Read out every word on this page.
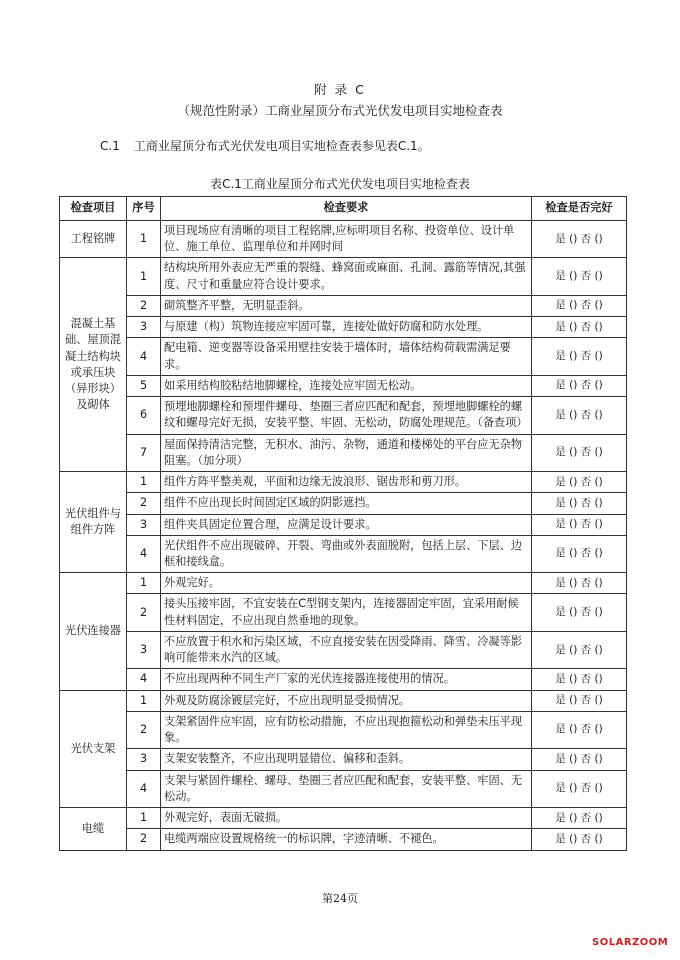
附 录 C
（规范性附录）工商业屋顶分布式光伏发电项目实地检查表
C.1 工商业屋顶分布式光伏发电项目实地检查表参见表C.1。
表C.1工商业屋顶分布式光伏发电项目实地检查表
检查项目	序号	检查要求	检查是否完好
工程铭牌	1	项目现场应有清晰的项目工程铭牌,应标明项目名称、投资单位、设计单位、施工单位、监理单位和并网时间	是 () 否 ()
混凝土基础、屋顶混凝土结构块或承压块（异形块）及砌体	1	结构块所用外表应无严重的裂缝、蜂窝面或麻面、孔洞、露筋等情况,其强度、尺寸和重量应符合设计要求。	是 () 否 ()
	2	砌筑整齐平整，无明显歪斜。	是 () 否 ()
	3	与原建（构）筑物连接应牢固可靠，连接处做好防腐和防水处理。	是 () 否 ()
	4	配电箱、逆变器等设备采用壁挂安装于墙体时，墙体结构荷载需满足要求。	是 () 否 ()
	5	如采用结构胶粘结地脚螺栓，连接处应牢固无松动。	是 () 否 ()
	6	预埋地脚螺栓和预埋件螺母、垫圈三者应匹配和配套，预埋地脚螺栓的螺纹和螺母完好无损，安装平整、牢固、无松动，防腐处理规范。（备查项）	是 () 否 ()
	7	屋面保持清洁完整，无积水、油污、杂物，通道和楼梯处的平台应无杂物阻塞。（加分项）	是 () 否 ()
光伏组件与组件方阵	1	组件方阵平整美观，平面和边缘无波浪形、锯齿形和剪刀形。	是 () 否 ()
	2	组件不应出现长时间固定区域的阴影遮挡。	是 () 否 ()
	3	组件夹具固定位置合理，应满足设计要求。	是 () 否 ()
	4	光伏组件不应出现破碎、开裂、弯曲或外表面脱附，包括上层、下层、边框和接线盒。	是 () 否 ()
光伏连接器	1	外观完好。	是 () 否 ()
	2	接头压接牢固，不宜安装在C型钢支架内，连接器固定牢固，宜采用耐候性材料固定，不应出现自然垂地的现象。	是 () 否 ()
	3	不应放置于积水和污染区域，不应直接安装在因受降雨、降雪、冷凝等影响可能带来水汽的区域。	是 () 否 ()
	4	不应出现两种不同生产厂家的光伏连接器连接使用的情况。	是 () 否 ()
光伏支架	1	外观及防腐涂镀层完好，不应出现明显受损情况。	是 () 否 ()
	2	支架紧固件应牢固，应有防松动措施，不应出现抱箍松动和弹垫未压平现象。	是 () 否 ()
	3	支架安装整齐，不应出现明显错位、偏移和歪斜。	是 () 否 ()
	4	支架与紧固件螺栓、螺母、垫圈三者应匹配和配套，安装平整、牢固、无松动。	是 () 否 ()
电缆	1	外观完好，表面无破损。	是 () 否 ()
	2	电缆两端应设置规格统一的标识牌，字迹清晰、不褪色。	是 () 否 ()
第24页
SOLARZOOM
